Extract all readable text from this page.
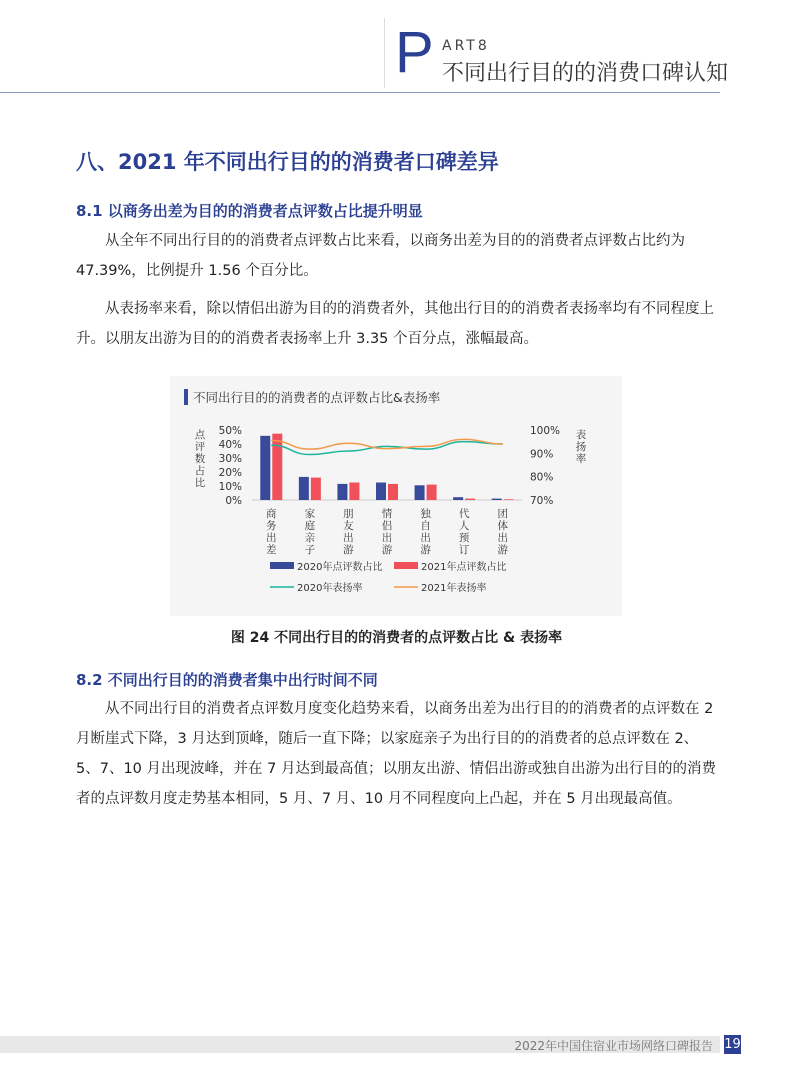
P ART8
不同出行目的的消费口碑认知
八、2021 年不同出行目的的消费者口碑差异
8.1 以商务出差为目的的消费者点评数占比提升明显
从全年不同出行目的的消费者点评数占比来看，以商务出差为目的的消费者点评数占比约为 47.39%，比例提升 1.56 个百分比。
从表扬率来看，除以情侣出游为目的的消费者外，其他出行目的的消费者表扬率均有不同程度上升。以朋友出游为目的的消费者表扬率上升 3.35 个百分点，涨幅最高。
不同出行目的的消费者的点评数占比&表扬率
0%
10%
20%
30%
40%
50%
70%
80%
90%
100%
点
评
数
占
比
表
扬
率
商
务
出
差
家
庭
亲
子
朋
友
出
游
情
侣
出
游
独
自
出
游
代
人
预
订
团
体
出
游
2020年点评数占比	2021年点评数占比
2020年表扬率	2021年表扬率
图 24 不同出行目的的消费者的点评数占比 & 表扬率
8.2 不同出行目的的消费者集中出行时间不同
从不同出行目的消费者点评数月度变化趋势来看，以商务出差为出行目的的消费者的点评数在 2 月断崖式下降，3 月达到顶峰，随后一直下降；以家庭亲子为出行目的的消费者的总点评数在 2、5、7、10 月出现波峰，并在 7 月达到最高值；以朋友出游、情侣出游或独自出游为出行目的的消费者的点评数月度走势基本相同，5 月、7 月、10 月不同程度向上凸起，并在 5 月出现最高值。
2022年中国住宿业市场网络口碑报告 19
